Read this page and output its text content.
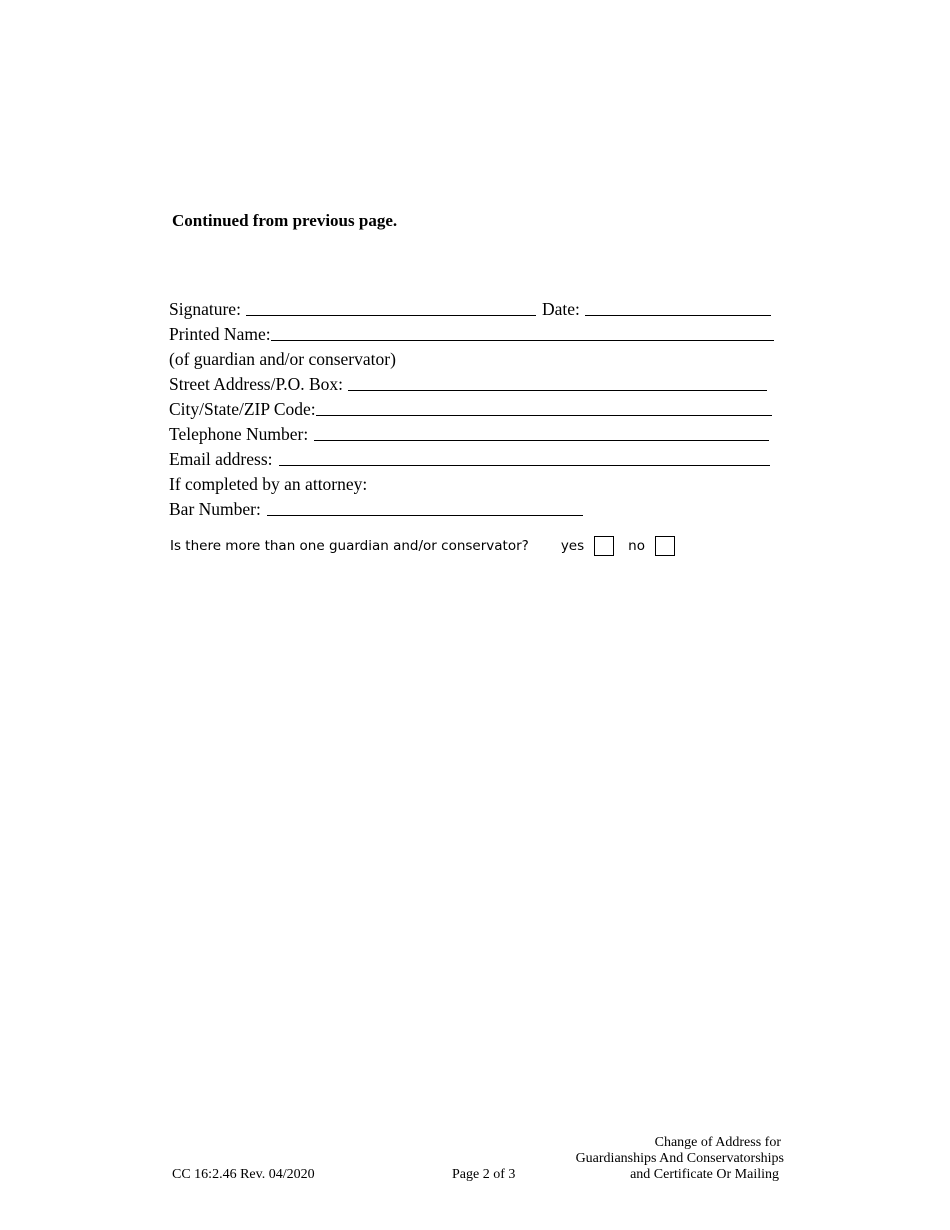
Continued from previous page.
Signature:	Date:
Printed Name:
(of guardian and/or conservator)
Street Address/P.O. Box:
City/State/ZIP Code:
Telephone Number:
Email address:
If completed by an attorney:
Bar Number:
Is there more than one guardian and/or conservator? yes	no
CC 16:2.46 Rev. 04/2020	Page 2 of 3
Change of Address for
Guardianships And Conservatorships
and Certificate Or Mailing
